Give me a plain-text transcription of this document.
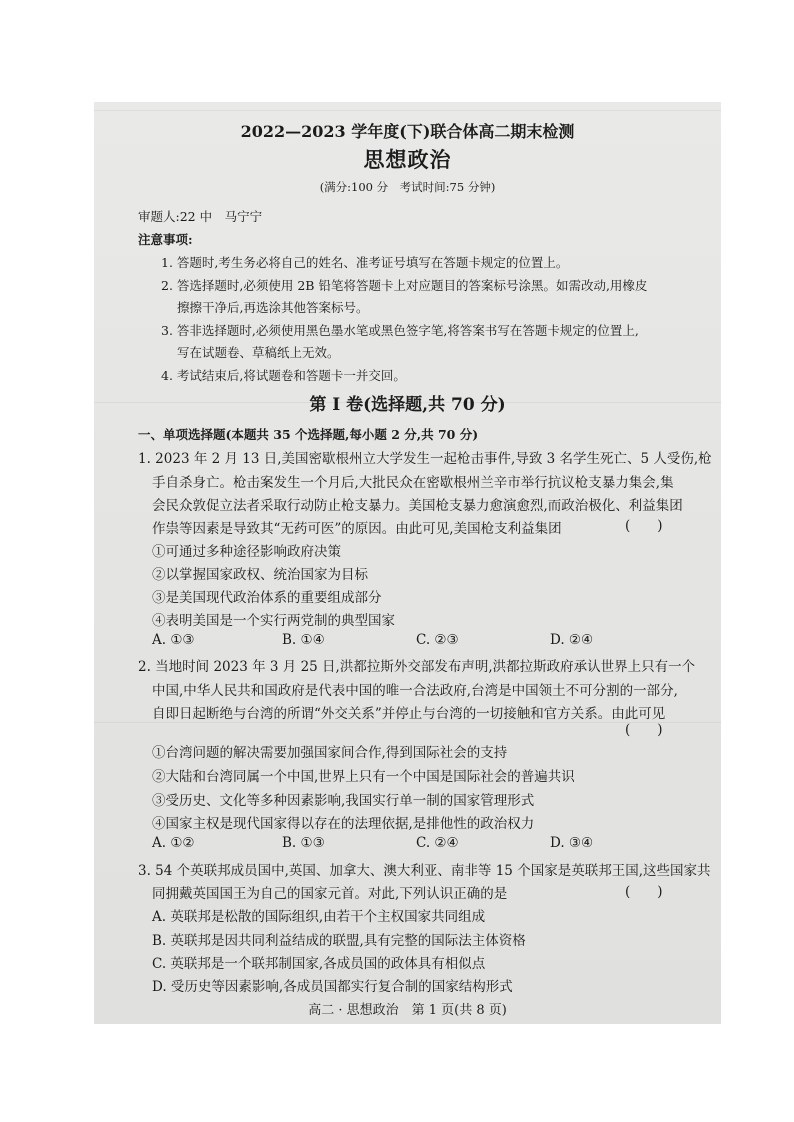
2022—2023 学年度(下)联合体高二期末检测
思想政治
(满分:100 分　考试时间:75 分钟)
审题人:22 中　马宁宁
注意事项:
1. 答题时,考生务必将自己的姓名、准考证号填写在答题卡规定的位置上。
2. 答选择题时,必须使用 2B 铅笔将答题卡上对应题目的答案标号涂黑。如需改动,用橡皮
擦擦干净后,再选涂其他答案标号。
3. 答非选择题时,必须使用黑色墨水笔或黑色签字笔,将答案书写在答题卡规定的位置上,
写在试题卷、草稿纸上无效。
4. 考试结束后,将试题卷和答题卡一并交回。
第 I 卷(选择题,共 70 分)
一、单项选择题(本题共 35 个选择题,每小题 2 分,共 70 分)
1. 2023 年 2 月 13 日,美国密歇根州立大学发生一起枪击事件,导致 3 名学生死亡、5 人受伤,枪
手自杀身亡。枪击案发生一个月后,大批民众在密歇根州兰辛市举行抗议枪支暴力集会,集
会民众敦促立法者采取行动防止枪支暴力。美国枪支暴力愈演愈烈,而政治极化、利益集团
作祟等因素是导致其“无药可医”的原因。由此可见,美国枪支利益集团	(　　)
①可通过多种途径影响政府决策
②以掌握国家政权、统治国家为目标
③是美国现代政治体系的重要组成部分
④表明美国是一个实行两党制的典型国家
A. ①③	B. ①④	C. ②③	D. ②④
2. 当地时间 2023 年 3 月 25 日,洪都拉斯外交部发布声明,洪都拉斯政府承认世界上只有一个
中国,中华人民共和国政府是代表中国的唯一合法政府,台湾是中国领土不可分割的一部分,
自即日起断绝与台湾的所谓“外交关系”并停止与台湾的一切接触和官方关系。由此可见
(　　)
①台湾问题的解决需要加强国家间合作,得到国际社会的支持
②大陆和台湾同属一个中国,世界上只有一个中国是国际社会的普遍共识
③受历史、文化等多种因素影响,我国实行单一制的国家管理形式
④国家主权是现代国家得以存在的法理依据,是排他性的政治权力
A. ①②	B. ①③	C. ②④	D. ③④
3. 54 个英联邦成员国中,英国、加拿大、澳大利亚、南非等 15 个国家是英联邦王国,这些国家共
同拥戴英国国王为自己的国家元首。对此,下列认识正确的是	(　　)
A. 英联邦是松散的国际组织,由若干个主权国家共同组成
B. 英联邦是因共同利益结成的联盟,具有完整的国际法主体资格
C. 英联邦是一个联邦制国家,各成员国的政体具有相似点
D. 受历史等因素影响,各成员国都实行复合制的国家结构形式
高二 · 思想政治　第 1 页(共 8 页)
